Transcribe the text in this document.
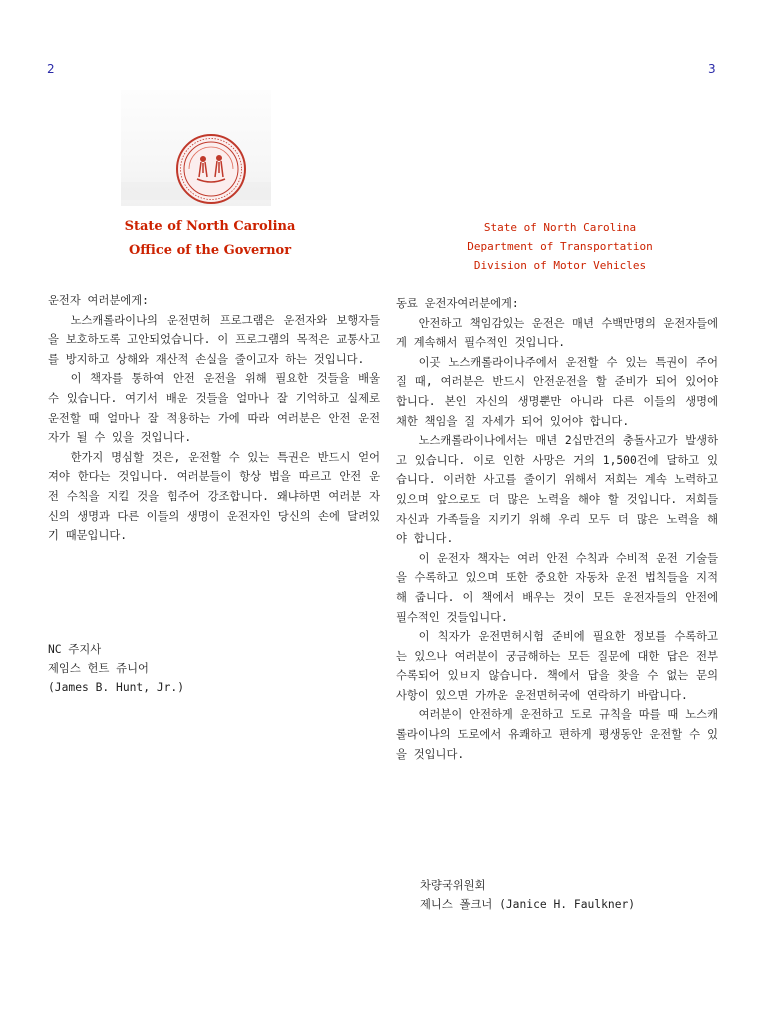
2	3
State of North Carolina
Office of the Governor
State of North Carolina
Department of Transportation
Division of Motor Vehicles

운전자 여러분에게:

노스캐롤라이나의 운전면허 프로그램은 운전자와 보행자들을 보호하도록 고안되었습니다. 이 프로그램의 목적은 교통사고를 방지하고 상해와 재산적 손실을 줄이고자 하는 것입니다.

이 책자를 통하여 안전 운전을 위해 필요한 것들을 배울 수 있습니다. 여기서 배운 것들을 얼마나 잘 기억하고 실제로 운전할 때 얼마나 잘 적용하는 가에 따라 여러분은 안전 운전자가 될 수 있을 것입니다.

한가지 명심할 것은, 운전할 수 있는 특권은 반드시 얻어져야 한다는 것입니다. 여러분들이 항상 법을 따르고 안전 운전 수칙을 지킬 것을 힘주어 강조합니다. 왜냐하면 여러분 자신의 생명과 다른 이들의 생명이 운전자인 당신의 손에 달려있기 때문입니다.

NC 주지사
제임스 헌트 쥬니어
(James B. Hunt, Jr.)

동료 운전자여러분에게:

안전하고 책임감있는 운전은 매년 수백만명의 운전자들에게 계속해서 필수적인 것입니다.

이곳 노스캐롤라이나주에서 운전할 수 있는 특권이 주어질 때, 여러분은 반드시 안전운전을 할 준비가 되어 있어야 합니다. 본인 자신의 생명뿐만 아니라 다른 이들의 생명에 채한 책임을 질 자세가 되어 있어야 합니다.

노스캐롤라이나에서는 매년 2십만건의 충돌사고가 발생하고 있습니다. 이로 인한 사망은 거의 1,500건에 달하고 있습니다. 이러한 사고를 줄이기 위해서 저희는 계속 노력하고 있으며 앞으로도 더 많은 노력을 해야 할 것입니다. 저희들 자신과 가족들을 지키기 위해 우리 모두 더 많은 노력을 해야 합니다.

이 운전자 책자는 여러 안전 수칙과 수비적 운전 기술들을 수록하고 있으며 또한 중요한 자동차 운전 법칙들을 지적해 줍니다. 이 책에서 배우는 것이 모든 운전자들의 안전에 필수적인 것들입니다.

이 칙자가 운전면허시험 준비에 필요한 정보를 수록하고는 있으나 여러분이 궁금해하는 모든 질문에 대한 답은 전부 수록되어 있ㅂ지 않습니다. 책에서 답을 찾을 수 없는 문의사항이 있으면 가까운 운전면허국에 연락하기 바랍니다.

여러분이 안전하게 운전하고 도로 규칙을 따를 때 노스캐롤라이나의 도로에서 유쾌하고 편하게 평생동안 운전할 수 있을 것입니다.

차량국위원회
제니스 폴크너 (Janice H. Faulkner)
